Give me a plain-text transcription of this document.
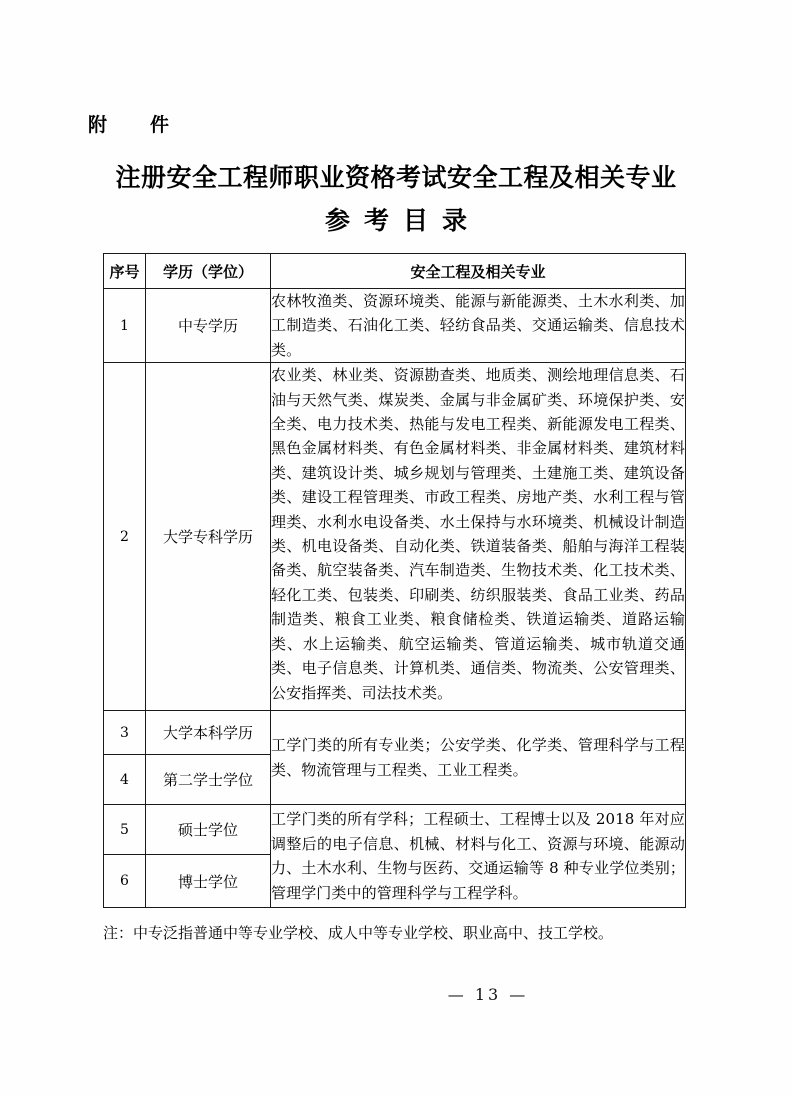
附　件
注册安全工程师职业资格考试安全工程及相关专业
参考目录
序号	学历（学位）	安全工程及相关专业
1	中专学历	农林牧渔类、资源环境类、能源与新能源类、土木水利类、加工制造类、石油化工类、轻纺食品类、交通运输类、信息技术类。
2	大学专科学历	农业类、林业类、资源勘查类、地质类、测绘地理信息类、石油与天然气类、煤炭类、金属与非金属矿类、环境保护类、安全类、电力技术类、热能与发电工程类、新能源发电工程类、黑色金属材料类、有色金属材料类、非金属材料类、建筑材料类、建筑设计类、城乡规划与管理类、土建施工类、建筑设备类、建设工程管理类、市政工程类、房地产类、水利工程与管理类、水利水电设备类、水土保持与水环境类、机械设计制造类、机电设备类、自动化类、铁道装备类、船舶与海洋工程装备类、航空装备类、汽车制造类、生物技术类、化工技术类、轻化工类、包装类、印刷类、纺织服装类、食品工业类、药品制造类、粮食工业类、粮食储检类、铁道运输类、道路运输类、水上运输类、航空运输类、管道运输类、城市轨道交通类、电子信息类、计算机类、通信类、物流类、公安管理类、公安指挥类、司法技术类。
3	大学本科学历	工学门类的所有专业类；公安学类、化学类、管理科学与工程类、物流管理与工程类、工业工程类。
4	第二学士学位	
5	硕士学位	工学门类的所有学科；工程硕士、工程博士以及 2018 年对应调整后的电子信息、机械、材料与化工、资源与环境、能源动力、土木水利、生物与医药、交通运输等 8 种专业学位类别；管理学门类中的管理科学与工程学科。
6	博士学位	
注：中专泛指普通中等专业学校、成人中等专业学校、职业高中、技工学校。
— 13 —
